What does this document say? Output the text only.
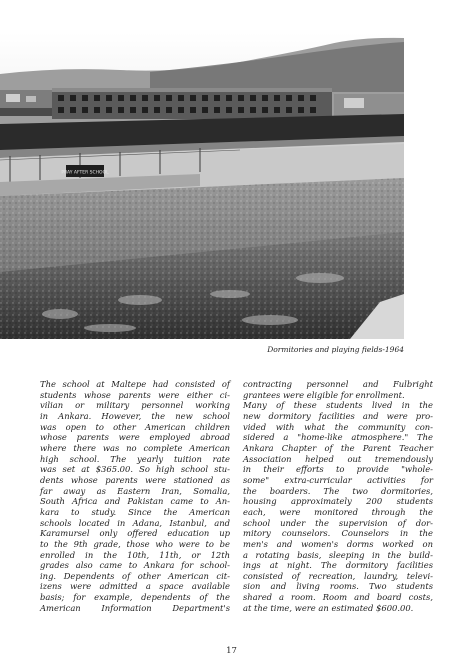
PRAY AFTER SCHOOL
Dormitories and playing fields-1964
The school at Maltepe had consisted of
students whose parents were either ci-
vilian or military personnel working
in Ankara. However, the new school
was open to other American children
whose parents were employed abroad
where there was no complete American
high school. The yearly tuition rate
was set at $365.00. So high school stu-
dents whose parents were stationed as
far away as Eastern Iran, Somalia,
South Africa and Pakistan came to An-
kara to study. Since the American
schools located in Adana, Istanbul, and
Karamursel only offered education up
to the 9th grade, those who were to be
enrolled in the 10th, 11th, or 12th
grades also came to Ankara for school-
ing. Dependents of other American cit-
izens were admitted a space available
basis; for example, dependents of the
American Information Department's
contracting personnel and Fulbright
grantees were eligible for enrollment.
Many of these students lived in the
new dormitory facilities and were pro-
vided with what the community con-
sidered a "home-like atmosphere." The
Ankara Chapter of the Parent Teacher
Association helped out tremendously
in their efforts to provide "whole-
some" extra-curricular activities for
the boarders. The two dormitories,
housing approximately 200 students
each, were monitored through the
school under the supervision of dor-
mitory counselors. Counselors in the
men's and women's dorms worked on
a rotating basis, sleeping in the build-
ings at night. The dormitory facilities
consisted of recreation, laundry, televi-
sion and living rooms. Two students
shared a room. Room and board costs,
at the time, were an estimated $600.00.
17
